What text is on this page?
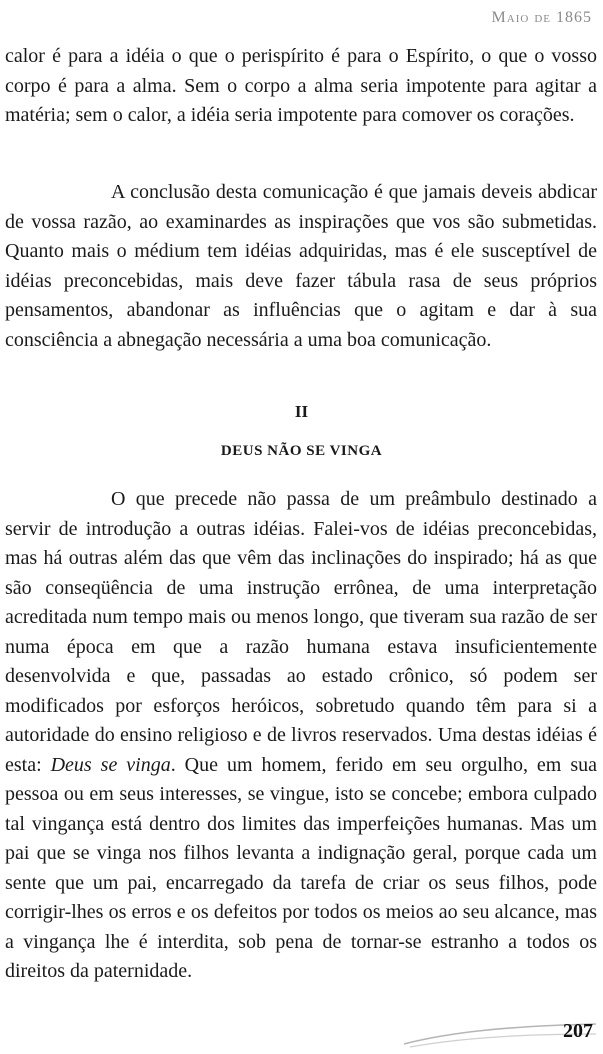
Maio de 1865
calor é para a idéia o que o perispírito é para o Espírito, o que o vosso corpo é para a alma. Sem o corpo a alma seria impotente para agitar a matéria; sem o calor, a idéia seria impotente para comover os corações.
A conclusão desta comunicação é que jamais deveis abdicar de vossa razão, ao examinardes as inspirações que vos são submetidas. Quanto mais o médium tem idéias adquiridas, mas é ele susceptível de idéias preconcebidas, mais deve fazer tábula rasa de seus próprios pensamentos, abandonar as influências que o agitam e dar à sua consciência a abnegação necessária a uma boa comunicação.
II
DEUS NÃO SE VINGA
O que precede não passa de um preâmbulo destinado a servir de introdução a outras idéias. Falei-vos de idéias preconcebidas, mas há outras além das que vêm das inclinações do inspirado; há as que são conseqüência de uma instrução errônea, de uma interpretação acreditada num tempo mais ou menos longo, que tiveram sua razão de ser numa época em que a razão humana estava insuficientemente desenvolvida e que, passadas ao estado crônico, só podem ser modificados por esforços heróicos, sobretudo quando têm para si a autoridade do ensino religioso e de livros reservados. Uma destas idéias é esta: Deus se vinga. Que um homem, ferido em seu orgulho, em sua pessoa ou em seus interesses, se vingue, isto se concebe; embora culpado tal vingança está dentro dos limites das imperfeições humanas. Mas um pai que se vinga nos filhos levanta a indignação geral, porque cada um sente que um pai, encarregado da tarefa de criar os seus filhos, pode corrigir-lhes os erros e os defeitos por todos os meios ao seu alcance, mas a vingança lhe é interdita, sob pena de tornar-se estranho a todos os direitos da paternidade.
207
